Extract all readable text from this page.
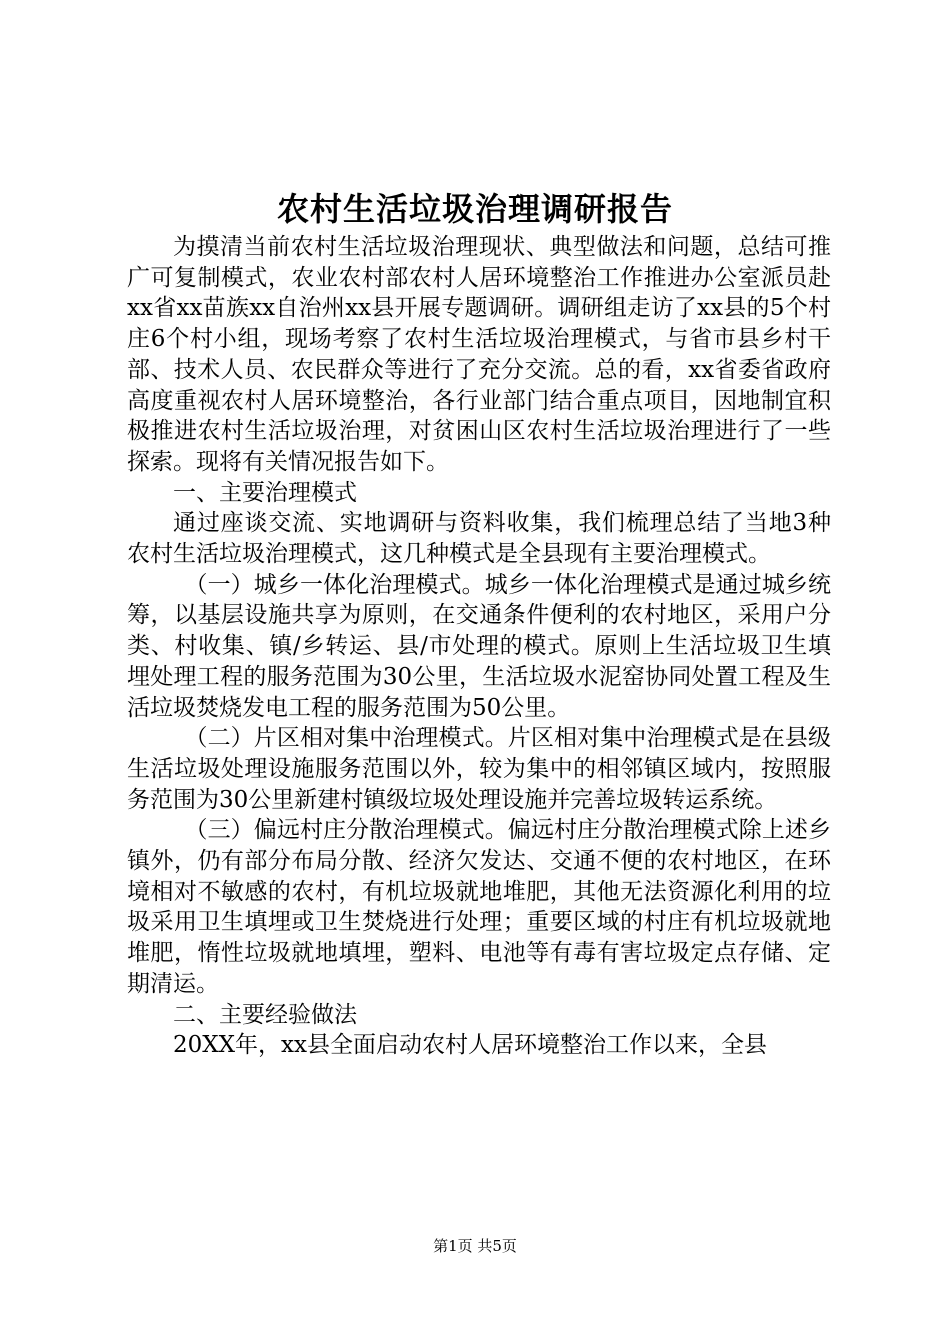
农村生活垃圾治理调研报告

为摸清当前农村生活垃圾治理现状、典型做法和问题，总结可推广可复制模式，农业农村部农村人居环境整治工作推进办公室派员赴xx省xx苗族xx自治州xx县开展专题调研。调研组走访了xx县的5个村庄6个村小组，现场考察了农村生活垃圾治理模式，与省市县乡村干部、技术人员、农民群众等进行了充分交流。总的看，xx省委省政府高度重视农村人居环境整治，各行业部门结合重点项目，因地制宜积极推进农村生活垃圾治理，对贫困山区农村生活垃圾治理进行了一些探索。现将有关情况报告如下。

一、主要治理模式

通过座谈交流、实地调研与资料收集，我们梳理总结了当地3种农村生活垃圾治理模式，这几种模式是全县现有主要治理模式。

（一）城乡一体化治理模式。城乡一体化治理模式是通过城乡统筹，以基层设施共享为原则，在交通条件便利的农村地区，采用户分类、村收集、镇/乡转运、县/市处理的模式。原则上生活垃圾卫生填埋处理工程的服务范围为30公里，生活垃圾水泥窑协同处置工程及生活垃圾焚烧发电工程的服务范围为50公里。

（二）片区相对集中治理模式。片区相对集中治理模式是在县级生活垃圾处理设施服务范围以外，较为集中的相邻镇区域内，按照服务范围为30公里新建村镇级垃圾处理设施并完善垃圾转运系统。

（三）偏远村庄分散治理模式。偏远村庄分散治理模式除上述乡镇外，仍有部分布局分散、经济欠发达、交通不便的农村地区，在环境相对不敏感的农村，有机垃圾就地堆肥，其他无法资源化利用的垃圾采用卫生填埋或卫生焚烧进行处理；重要区域的村庄有机垃圾就地堆肥，惰性垃圾就地填埋，塑料、电池等有毒有害垃圾定点存储、定期清运。

二、主要经验做法

20XX年，xx县全面启动农村人居环境整治工作以来，全县

第1页 共5页
